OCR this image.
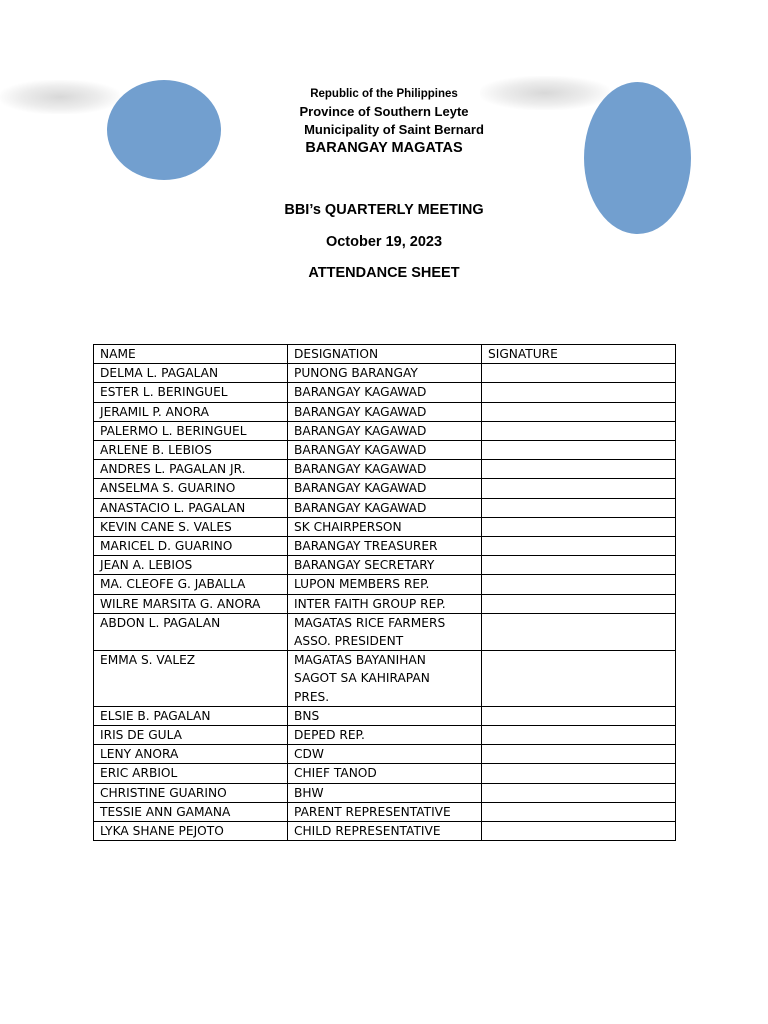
Republic of the Philippines
Province of Southern Leyte
Municipality of Saint Bernard
BARANGAY MAGATAS
BBI’s QUARTERLY MEETING
October 19, 2023
ATTENDANCE SHEET
NAME	DESIGNATION	SIGNATURE

DELMA L. PAGALAN	PUNONG BARANGAY	

ESTER L. BERINGUEL	BARANGAY KAGAWAD	

JERAMIL P. ANORA	BARANGAY KAGAWAD	

PALERMO L. BERINGUEL	BARANGAY KAGAWAD	

ARLENE B. LEBIOS	BARANGAY KAGAWAD	

ANDRES L. PAGALAN JR.	BARANGAY KAGAWAD	

ANSELMA S. GUARINO	BARANGAY KAGAWAD	

ANASTACIO L. PAGALAN	BARANGAY KAGAWAD	

KEVIN CANE S. VALES	SK CHAIRPERSON	

MARICEL D. GUARINO	BARANGAY TREASURER	

JEAN A. LEBIOS	BARANGAY SECRETARY	

MA. CLEOFE G. JABALLA	LUPON MEMBERS REP.	

WILRE MARSITA G. ANORA	INTER FAITH GROUP REP.	

ABDON L. PAGALAN	MAGATAS RICE FARMERS
ASSO. PRESIDENT	

EMMA S. VALEZ	MAGATAS BAYANIHAN
SAGOT SA KAHIRAPAN
PRES.	

ELSIE B. PAGALAN	BNS	

IRIS DE GULA	DEPED REP.	

LENY ANORA	CDW	

ERIC ARBIOL	CHIEF TANOD	

CHRISTINE GUARINO	BHW	

TESSIE ANN GAMANA	PARENT REPRESENTATIVE	

LYKA SHANE PEJOTO	CHILD REPRESENTATIVE	
